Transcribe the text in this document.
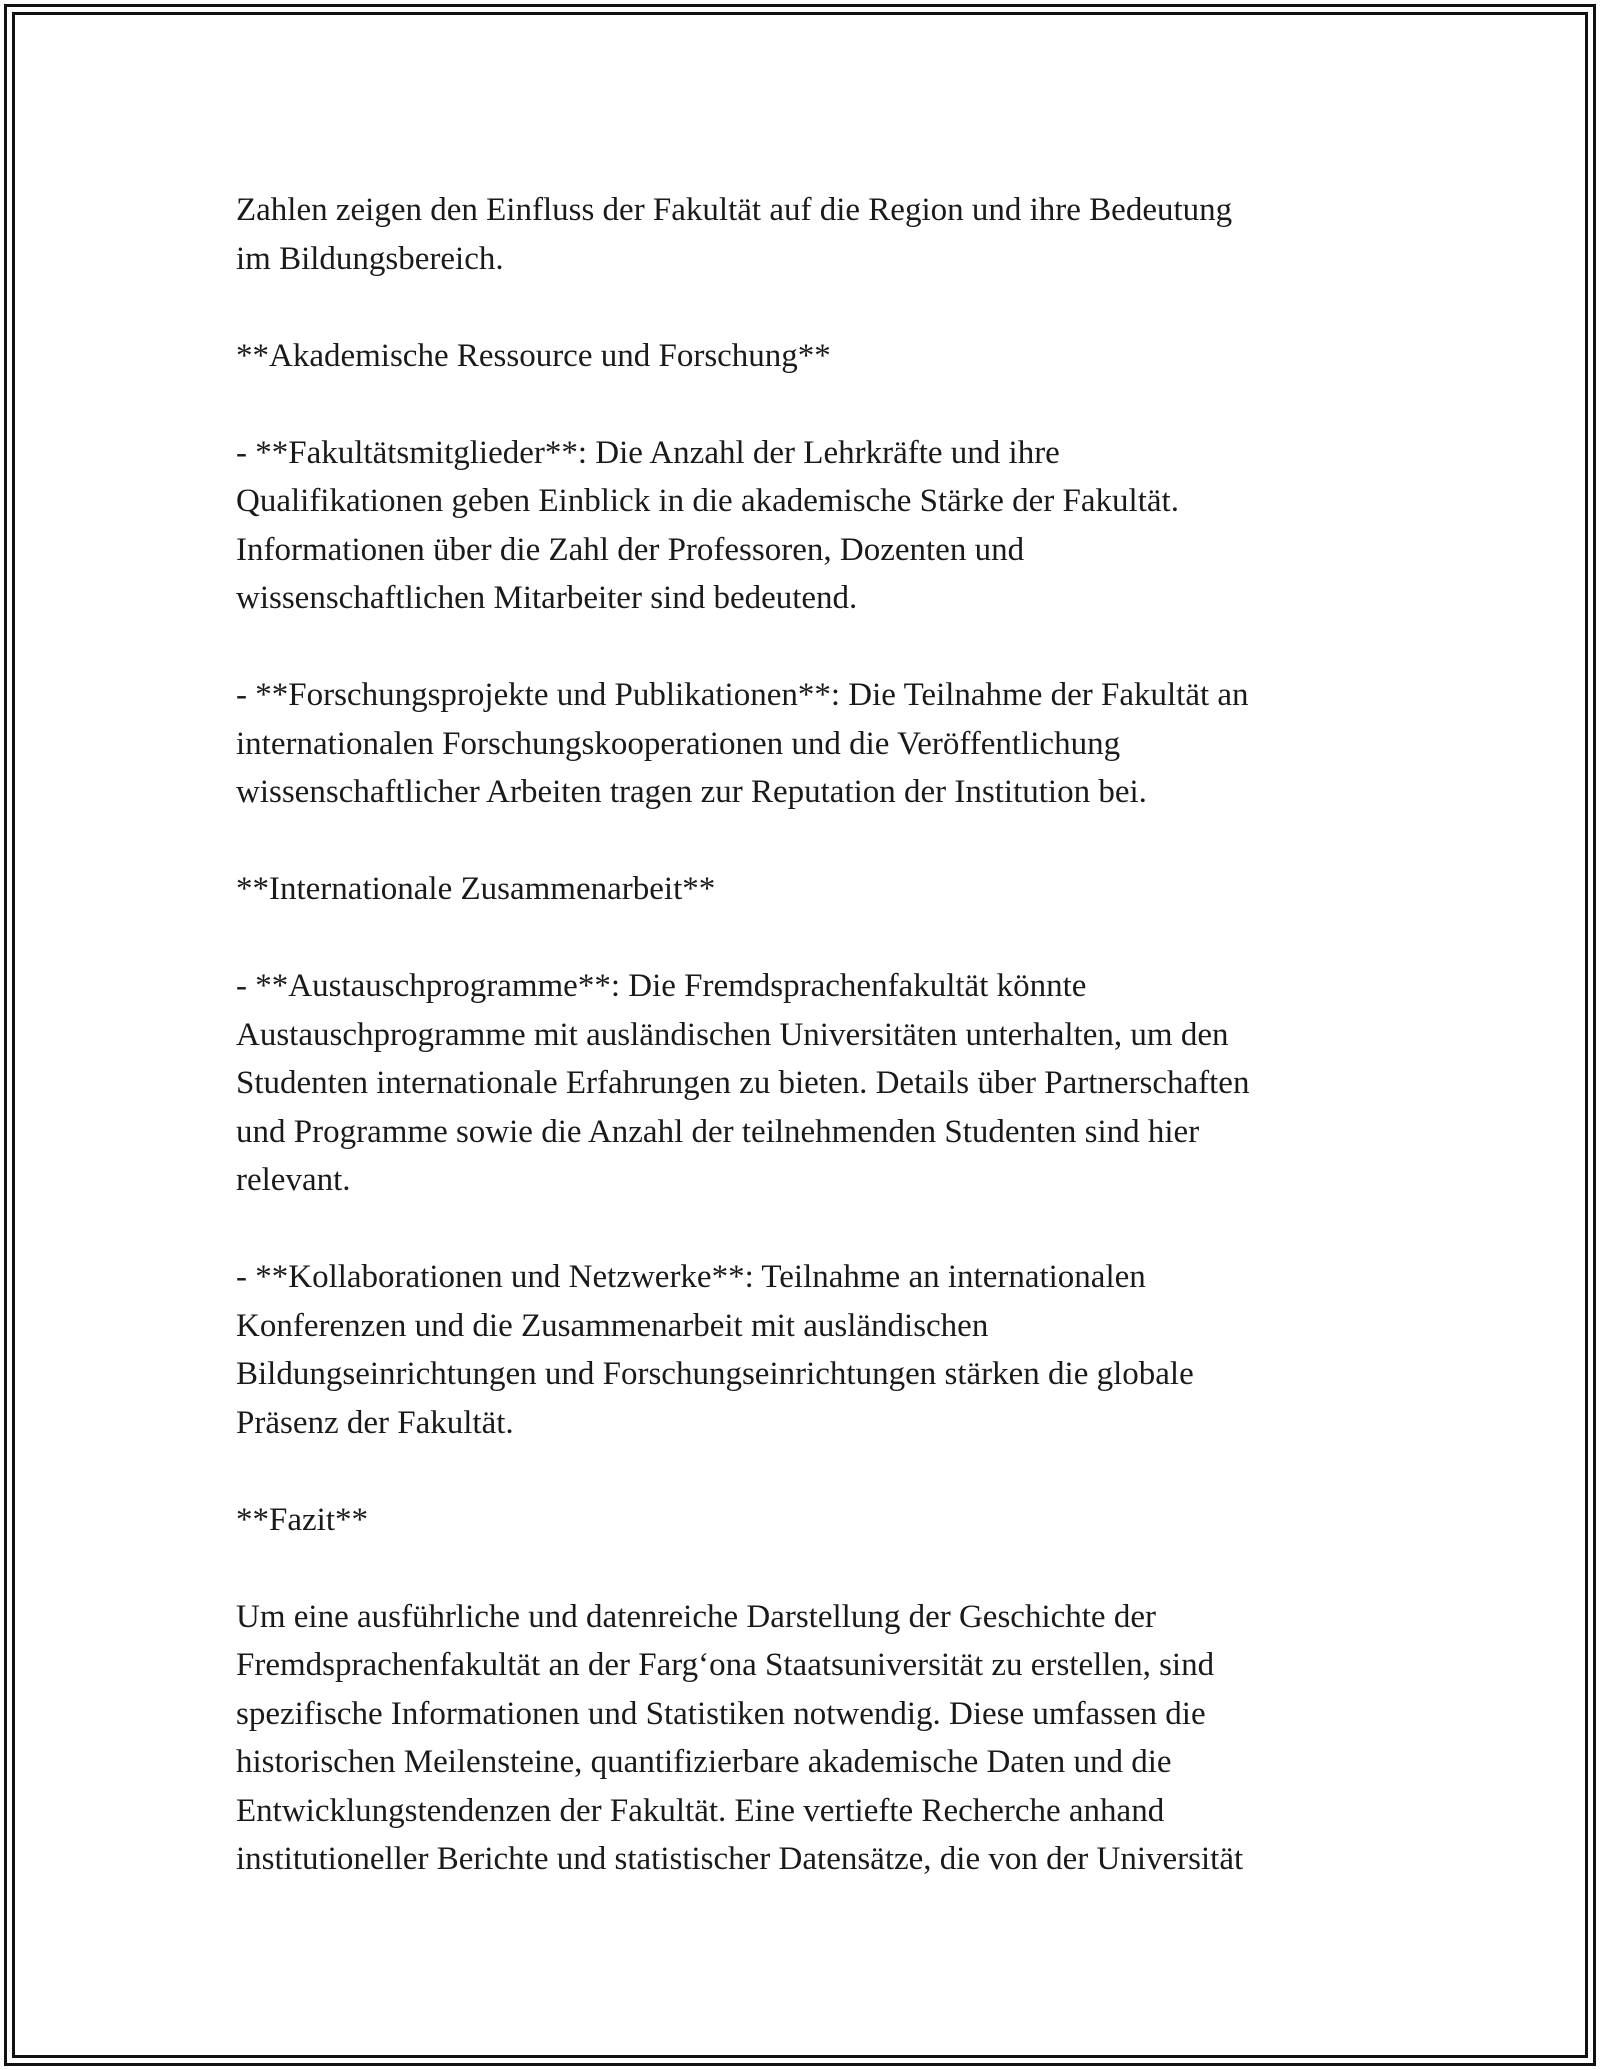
Zahlen zeigen den Einfluss der Fakultät auf die Region und ihre Bedeutung
im Bildungsbereich.

**Akademische Ressource und Forschung**

- **Fakultätsmitglieder**: Die Anzahl der Lehrkräfte und ihre
Qualifikationen geben Einblick in die akademische Stärke der Fakultät.
Informationen über die Zahl der Professoren, Dozenten und
wissenschaftlichen Mitarbeiter sind bedeutend.

- **Forschungsprojekte und Publikationen**: Die Teilnahme der Fakultät an
internationalen Forschungskooperationen und die Veröffentlichung
wissenschaftlicher Arbeiten tragen zur Reputation der Institution bei.

**Internationale Zusammenarbeit**

- **Austauschprogramme**: Die Fremdsprachenfakultät könnte
Austauschprogramme mit ausländischen Universitäten unterhalten, um den
Studenten internationale Erfahrungen zu bieten. Details über Partnerschaften
und Programme sowie die Anzahl der teilnehmenden Studenten sind hier
relevant.

- **Kollaborationen und Netzwerke**: Teilnahme an internationalen
Konferenzen und die Zusammenarbeit mit ausländischen
Bildungseinrichtungen und Forschungseinrichtungen stärken die globale
Präsenz der Fakultät.

**Fazit**

Um eine ausführliche und datenreiche Darstellung der Geschichte der
Fremdsprachenfakultät an der Farg‘ona Staatsuniversität zu erstellen, sind
spezifische Informationen und Statistiken notwendig. Diese umfassen die
historischen Meilensteine, quantifizierbare akademische Daten und die
Entwicklungstendenzen der Fakultät. Eine vertiefte Recherche anhand
institutioneller Berichte und statistischer Datensätze, die von der Universität
